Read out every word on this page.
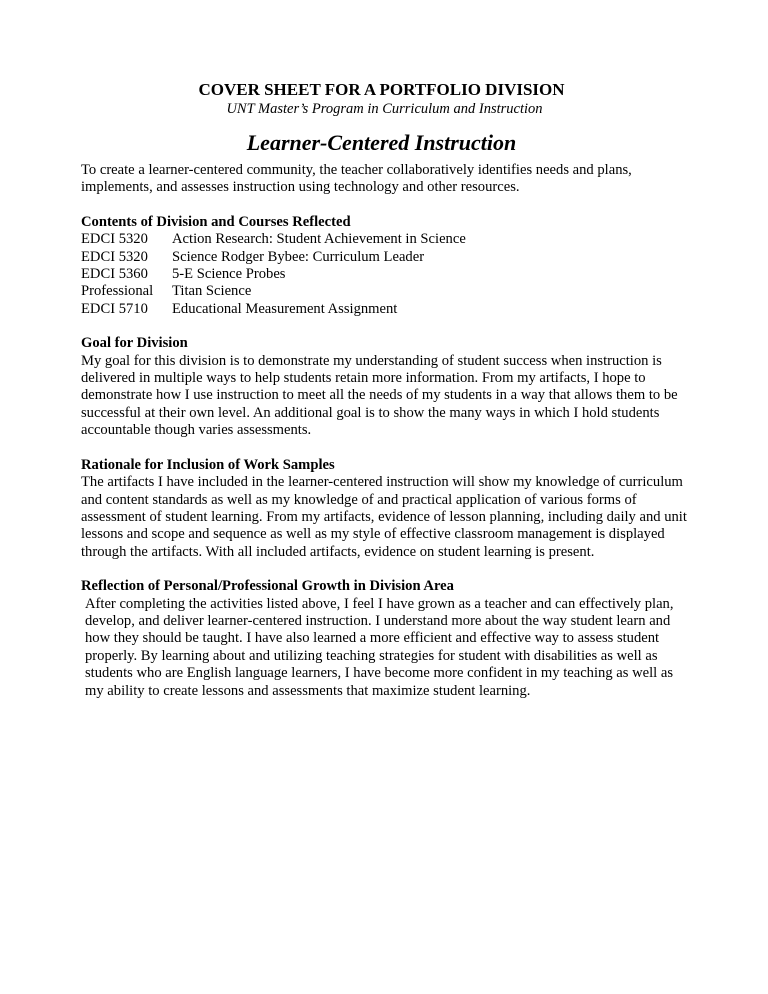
COVER SHEET FOR A PORTFOLIO DIVISION
UNT Master’s Program in Curriculum and Instruction
Learner-Centered Instruction

To create a learner-centered community, the teacher collaboratively identifies needs and plans, implements, and assesses instruction using technology and other resources.

Contents of Division and Courses Reflected
EDCI 5320	Action Research: Student Achievement in Science
EDCI 5320	Science Rodger Bybee: Curriculum Leader
EDCI 5360	5-E Science Probes
Professional	Titan Science
EDCI 5710	Educational Measurement Assignment
Goal for Division

My goal for this division is to demonstrate my understanding of student success when instruction is delivered in multiple ways to help students retain more information. From my artifacts, I hope to demonstrate how I use instruction to meet all the needs of my students in a way that allows them to be successful at their own level. An additional goal is to show the many ways in which I hold students accountable though varies assessments.

Rationale for Inclusion of Work Samples

The artifacts I have included in the learner-centered instruction will show my knowledge of curriculum and content standards as well as my knowledge of and practical application of various forms of assessment of student learning. From my artifacts, evidence of lesson planning, including daily and unit lessons and scope and sequence as well as my style of effective classroom management is displayed through the artifacts. With all included artifacts, evidence on student learning is present.

Reflection of Personal/Professional Growth in Division Area

After completing the activities listed above, I feel I have grown as a teacher and can effectively plan, develop, and deliver learner-centered instruction. I understand more about the way student learn and how they should be taught. I have also learned a more efficient and effective way to assess student properly. By learning about and utilizing teaching strategies for student with disabilities as well as students who are English language learners, I have become more confident in my teaching as well as my ability to create lessons and assessments that maximize student learning.
